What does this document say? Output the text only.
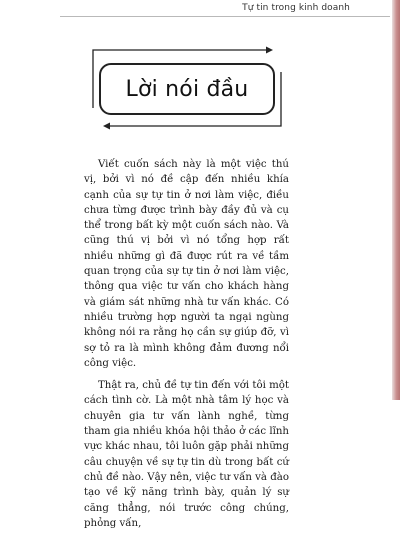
Tự tin trong kinh doanh
Lời nói đầu

Viết cuốn sách này là một việc thú vị, bởi vì nó đề cập đến nhiều khía cạnh của sự tự tin ở nơi làm việc, điều chưa từng được trình bày đầy đủ và cụ thể trong bất kỳ một cuốn sách nào. Và cũng thú vị bởi vì nó tổng hợp rất nhiều những gì đã được rút ra về tầm quan trọng của sự tự tin ở nơi làm việc, thông qua việc tư vấn cho khách hàng và giám sát những nhà tư vấn khác. Có nhiều trường hợp người ta ngại ngùng không nói ra rằng họ cần sự giúp đỡ, vì sợ tỏ ra là mình không đảm đương nổi công việc.

Thật ra, chủ đề tự tin đến với tôi một cách tình cờ. Là một nhà tâm lý học và chuyên gia tư vấn lành nghề, từng tham gia nhiều khóa hội thảo ở các lĩnh vực khác nhau, tôi luôn gặp phải những câu chuyện về sự tự tin dù trong bất cứ chủ đề nào. Vậy nên, việc tư vấn và đào tạo về kỹ năng trình bày, quản lý sự căng thẳng, nói trước công chúng, phỏng vấn,
